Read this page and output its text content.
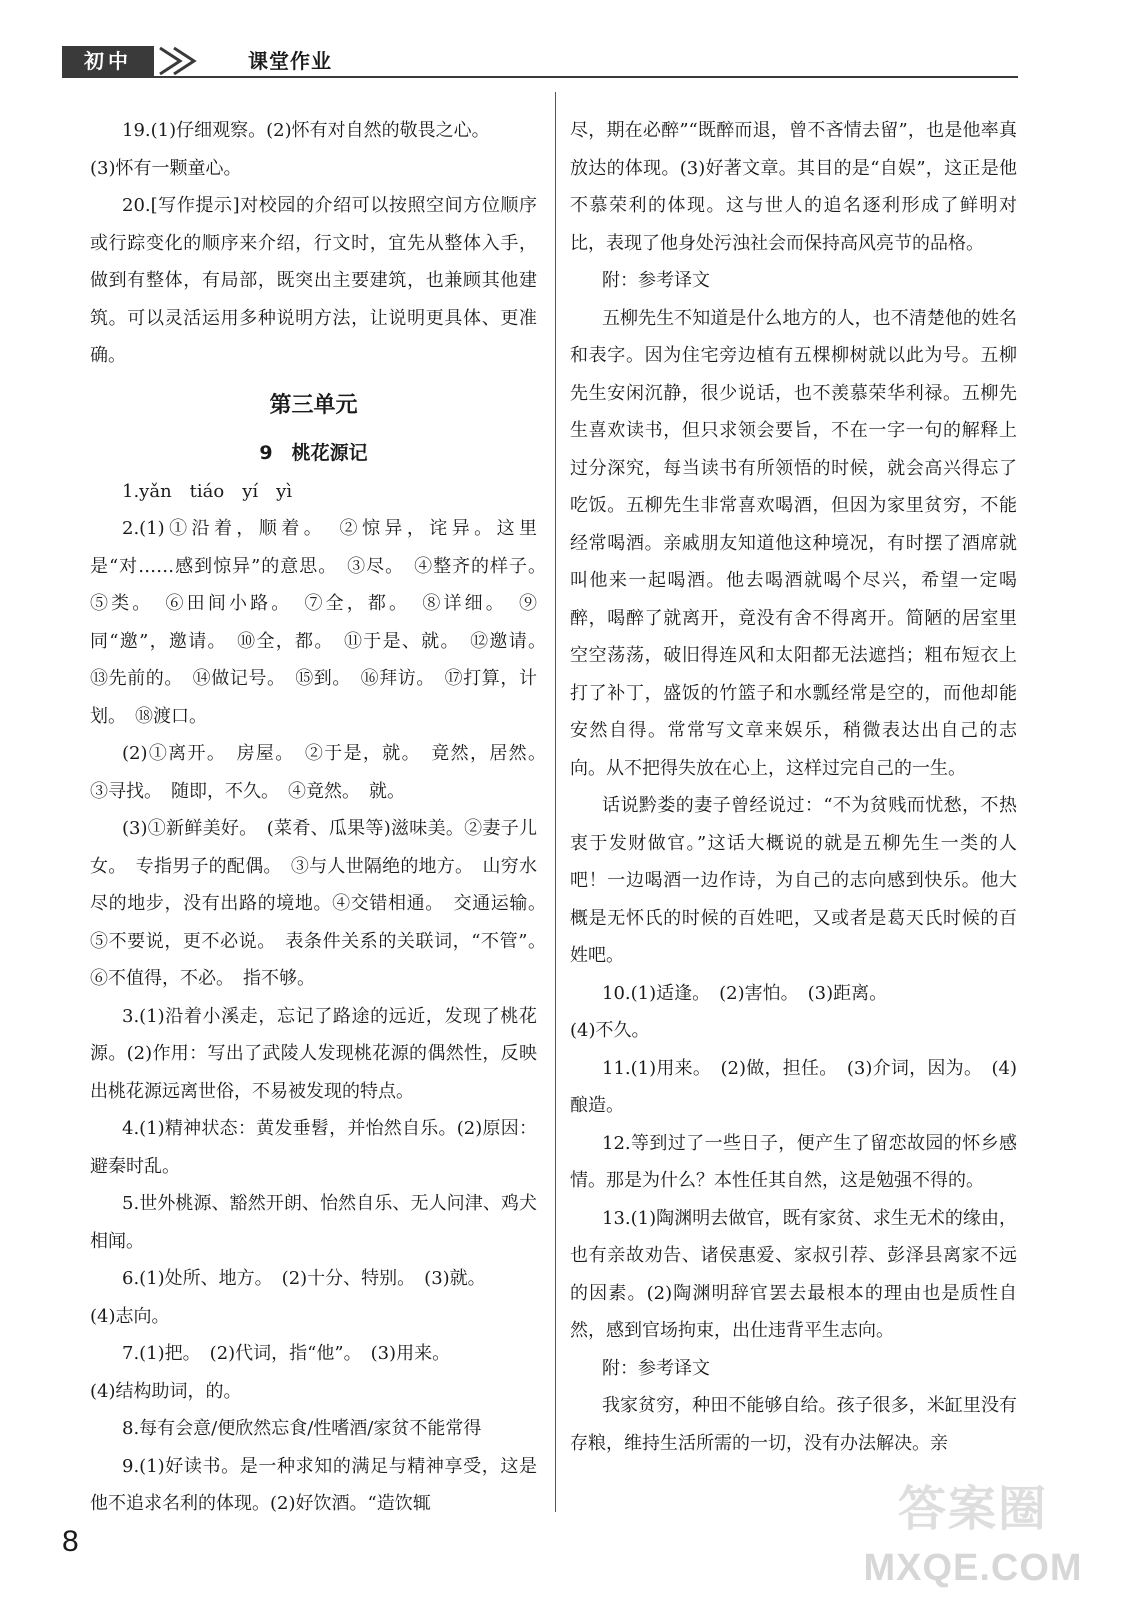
初中	课堂作业

19.(1)仔细观察。(2)怀有对自然的敬畏之心。

(3)怀有一颗童心。

20.[写作提示]对校园的介绍可以按照空间方位顺序或行踪变化的顺序来介绍，行文时，宜先从整体入手，做到有整体，有局部，既突出主要建筑，也兼顾其他建筑。可以灵活运用多种说明方法，让说明更具体、更准确。

第三单元
9　桃花源记

1.yǎn　tiáo　yí　yì

2.(1)①沿着，顺着。　②惊异，诧异。这里是“对……感到惊异”的意思。　③尽。　④整齐的样子。　⑤类。　⑥田间小路。　⑦全，都。　⑧详细。　⑨同“邀”，邀请。　⑩全，都。　⑪于是、就。　⑫邀请。　⑬先前的。　⑭做记号。　⑮到。　⑯拜访。　⑰打算，计划。　⑱渡口。

(2)①离开。　房屋。　②于是，就。　竟然，居然。　③寻找。　随即，不久。　④竟然。　就。

(3)①新鲜美好。　(菜肴、瓜果等)滋味美。②妻子儿女。　专指男子的配偶。　③与人世隔绝的地方。　山穷水尽的地步，没有出路的境地。④交错相通。　交通运输。　⑤不要说，更不必说。　表条件关系的关联词，“不管”。　⑥不值得，不必。　指不够。

3.(1)沿着小溪走，忘记了路途的远近，发现了桃花源。(2)作用：写出了武陵人发现桃花源的偶然性，反映出桃花源远离世俗，不易被发现的特点。

4.(1)精神状态：黄发垂髫，并怡然自乐。(2)原因：避秦时乱。

5.世外桃源、豁然开朗、怡然自乐、无人问津、鸡犬相闻。

6.(1)处所、地方。　(2)十分、特别。　(3)就。

(4)志向。

7.(1)把。　(2)代词，指“他”。　(3)用来。

(4)结构助词，的。

8.每有会意/便欣然忘食/性嗜酒/家贫不能常得

9.(1)好读书。是一种求知的满足与精神享受，这是他不追求名利的体现。(2)好饮酒。“造饮辄

尽，期在必醉”“既醉而退，曾不吝情去留”，也是他率真放达的体现。(3)好著文章。其目的是“自娱”，这正是他不慕荣利的体现。这与世人的追名逐利形成了鲜明对比，表现了他身处污浊社会而保持高风亮节的品格。

附：参考译文

五柳先生不知道是什么地方的人，也不清楚他的姓名和表字。因为住宅旁边植有五棵柳树就以此为号。五柳先生安闲沉静，很少说话，也不羡慕荣华利禄。五柳先生喜欢读书，但只求领会要旨，不在一字一句的解释上过分深究，每当读书有所领悟的时候，就会高兴得忘了吃饭。五柳先生非常喜欢喝酒，但因为家里贫穷，不能经常喝酒。亲戚朋友知道他这种境况，有时摆了酒席就叫他来一起喝酒。他去喝酒就喝个尽兴，希望一定喝醉，喝醉了就离开，竟没有舍不得离开。简陋的居室里空空荡荡，破旧得连风和太阳都无法遮挡；粗布短衣上打了补丁，盛饭的竹篮子和水瓢经常是空的，而他却能安然自得。常常写文章来娱乐，稍微表达出自己的志向。从不把得失放在心上，这样过完自己的一生。

话说黔娄的妻子曾经说过：“不为贫贱而忧愁，不热衷于发财做官。”这话大概说的就是五柳先生一类的人吧！一边喝酒一边作诗，为自己的志向感到快乐。他大概是无怀氏的时候的百姓吧，又或者是葛天氏时候的百姓吧。

10.(1)适逢。　(2)害怕。　(3)距离。

(4)不久。

11.(1)用来。　(2)做，担任。　(3)介词，因为。　(4)酿造。

12.等到过了一些日子，便产生了留恋故园的怀乡感情。那是为什么？本性任其自然，这是勉强不得的。

13.(1)陶渊明去做官，既有家贫、求生无术的缘由，也有亲故劝告、诸侯惠爱、家叔引荐、彭泽县离家不远的因素。(2)陶渊明辞官罢去最根本的理由也是质性自然，感到官场拘束，出仕违背平生志向。

附：参考译文

我家贫穷，种田不能够自给。孩子很多，米缸里没有存粮，维持生活所需的一切，没有办法解决。亲

8
答案圈
MXQE.COM
